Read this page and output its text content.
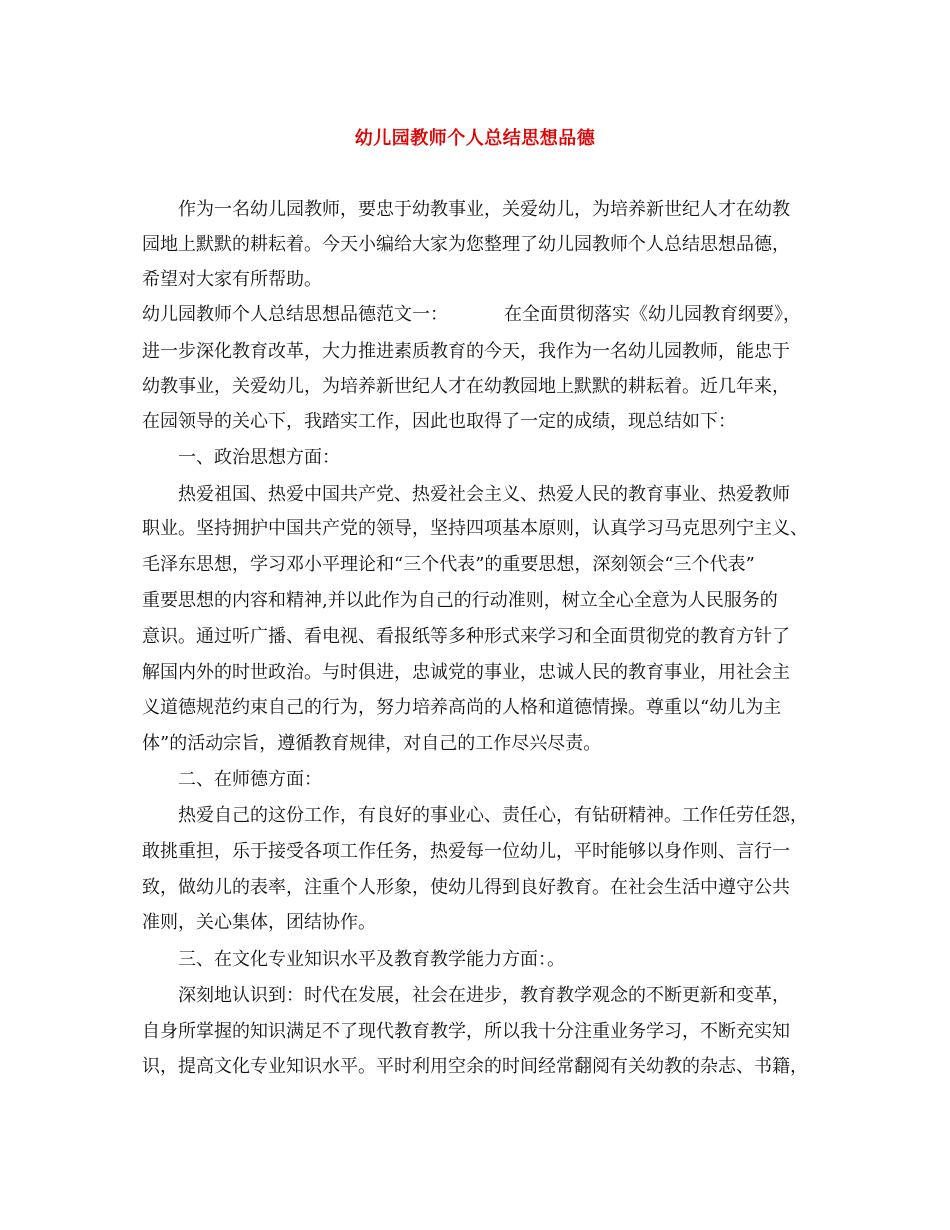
幼儿园教师个人总结思想品德
作为一名幼儿园教师，要忠于幼教事业，关爱幼儿，为培养新世纪人才在幼教
园地上默默的耕耘着。今天小编给大家为您整理了幼儿园教师个人总结思想品德，
希望对大家有所帮助。
幼儿园教师个人总结思想品德范文一：	在全面贯彻落实《幼儿园教育纲要》，
进一步深化教育改革，大力推进素质教育的今天，我作为一名幼儿园教师，能忠于
幼教事业，关爱幼儿，为培养新世纪人才在幼教园地上默默的耕耘着。近几年来，
在园领导的关心下，我踏实工作，因此也取得了一定的成绩，现总结如下：
一、政治思想方面：
热爱祖国、热爱中国共产党、热爱社会主义、热爱人民的教育事业、热爱教师
职业。坚持拥护中国共产党的领导，坚持四项基本原则，认真学习马克思列宁主义、
毛泽东思想，学习邓小平理论和“三个代表”的重要思想，深刻领会“三个代表”
重要思想的内容和精神,并以此作为自己的行动准则，树立全心全意为人民服务的
意识。通过听广播、看电视、看报纸等多种形式来学习和全面贯彻党的教育方针了
解国内外的时世政治。与时俱进，忠诚党的事业，忠诚人民的教育事业，用社会主
义道德规范约束自己的行为，努力培养高尚的人格和道德情操。尊重以“幼儿为主
体”的活动宗旨，遵循教育规律，对自己的工作尽兴尽责。
二、在师德方面：
热爱自己的这份工作，有良好的事业心、责任心，有钻研精神。工作任劳任怨，
敢挑重担，乐于接受各项工作任务，热爱每一位幼儿，平时能够以身作则、言行一
致，做幼儿的表率，注重个人形象，使幼儿得到良好教育。在社会生活中遵守公共
准则，关心集体，团结协作。
三、在文化专业知识水平及教育教学能力方面：。
深刻地认识到：时代在发展，社会在进步，教育教学观念的不断更新和变革，
自身所掌握的知识满足不了现代教育教学，所以我十分注重业务学习，不断充实知
识，提高文化专业知识水平。平时利用空余的时间经常翻阅有关幼教的杂志、书籍，
